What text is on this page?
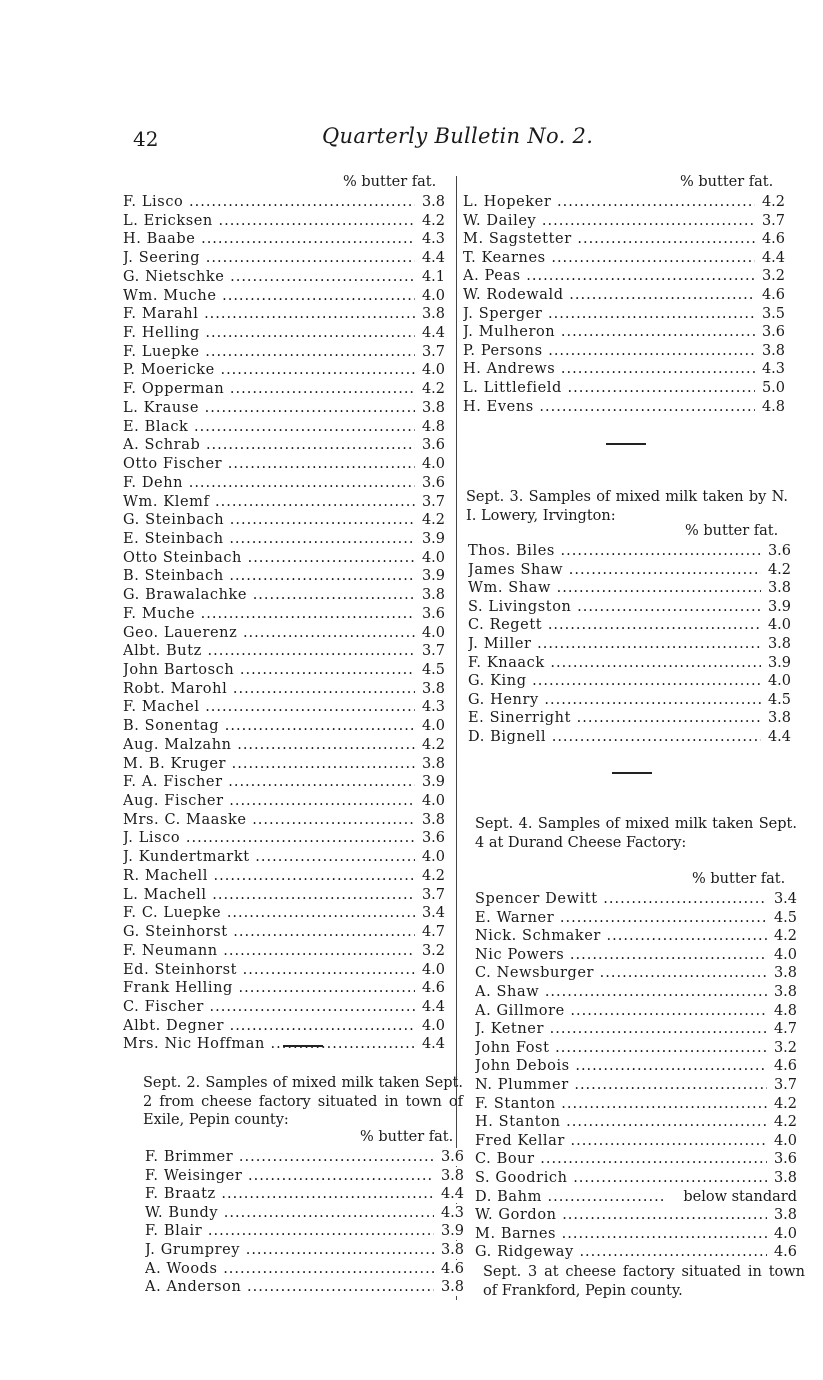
42	Quarterly Bulletin No. 2.
% butter fat.	% butter fat.
F. Lisco .....	3.8
L. Ericksen .....	4.2
H. Baabe .....	4.3
J. Seering .....	4.4
G. Nietschke .....	4.1
Wm. Muche .....	4.0
F. Marahl .....	3.8
F. Helling .....	4.4
F. Luepke .....	3.7
P. Moericke .....	4.0
F. Opperman .....	4.2
L. Krause .....	3.8
E. Black .....	4.8
A. Schrab .....	3.6
Otto Fischer .....	4.0
F. Dehn .....	3.6
Wm. Klemf .....	3.7
G. Steinbach .....	4.2
E. Steinbach .....	3.9
Otto Steinbach .....	4.0
B. Steinbach .....	3.9
G. Brawalachke .....	3.8
F. Muche .....	3.6
Geo. Lauerenz .....	4.0
Albt. Butz .....	3.7
John Bartosch .....	4.5
Robt. Marohl .....	3.8
F. Machel .....	4.3
B. Sonentag .....	4.0
Aug. Malzahn .....	4.2
M. B. Kruger .....	3.8
F. A. Fischer .....	3.9
Aug. Fischer .....	4.0
Mrs. C. Maaske .....	3.8
J. Lisco .....	3.6
J. Kundertmarkt .....	4.0
R. Machell .....	4.2
L. Machell .....	3.7
F. C. Luepke .....	3.4
G. Steinhorst .....	4.7
F. Neumann .....	3.2
Ed. Steinhorst .....	4.0
Frank Helling .....	4.6
C. Fischer .....	4.4
Albt. Degner .....	4.0
Mrs. Nic Hoffman .....	4.4
Sept. 2. Samples of mixed milk taken Sept. 2 from cheese factory situated in town of Exile, Pepin county:
% butter fat.
F. Brimmer .....	3.6
F. Weisinger .....	3.8
F. Braatz .....	4.4
W. Bundy .....	4.3
F. Blair .....	3.9
J. Grumprey .....	3.8
A. Woods .....	4.6
A. Anderson .....	3.8
L. Hopeker .....	4.2
W. Dailey .....	3.7
M. Sagstetter .....	4.6
T. Kearnes .....	4.4
A. Peas .....	3.2
W. Rodewald .....	4.6
J. Sperger .....	3.5
J. Mulheron .....	3.6
P. Persons .....	3.8
H. Andrews .....	4.3
L. Littlefield .....	5.0
H. Evens .....	4.8
Sept. 3. Samples of mixed milk taken by N. I. Lowery, Irvington:
% butter fat.
Thos. Biles .....	3.6
James Shaw .....	4.2
Wm. Shaw .....	3.8
S. Livingston .....	3.9
C. Regett .....	4.0
J. Miller .....	3.8
F. Knaack .....	3.9
G. King .....	4.0
G. Henry .....	4.5
E. Sinerright .....	3.8
D. Bignell .....	4.4
Sept. 4. Samples of mixed milk taken Sept. 4 at Durand Cheese Factory:
% butter fat.
Spencer Dewitt .....	3.4
E. Warner .....	4.5
Nick. Schmaker .....	4.2
Nic Powers .....	4.0
C. Newsburger .....	3.8
A. Shaw .....	3.8
A. Gillmore .....	4.8
J. Ketner .....	4.7
John Fost .....	3.2
John Debois .....	4.6
N. Plummer .....	3.7
F. Stanton .....	4.2
H. Stanton .....	4.2
Fred Kellar .....	4.0
C. Bour .....	3.6
S. Goodrich .....	3.8
D. Bahm .....	below standard
W. Gordon .....	3.8
M. Barnes .....	4.0
G. Ridgeway .....	4.6
Sept. 3 at cheese factory situated in town of Frankford, Pepin county.
